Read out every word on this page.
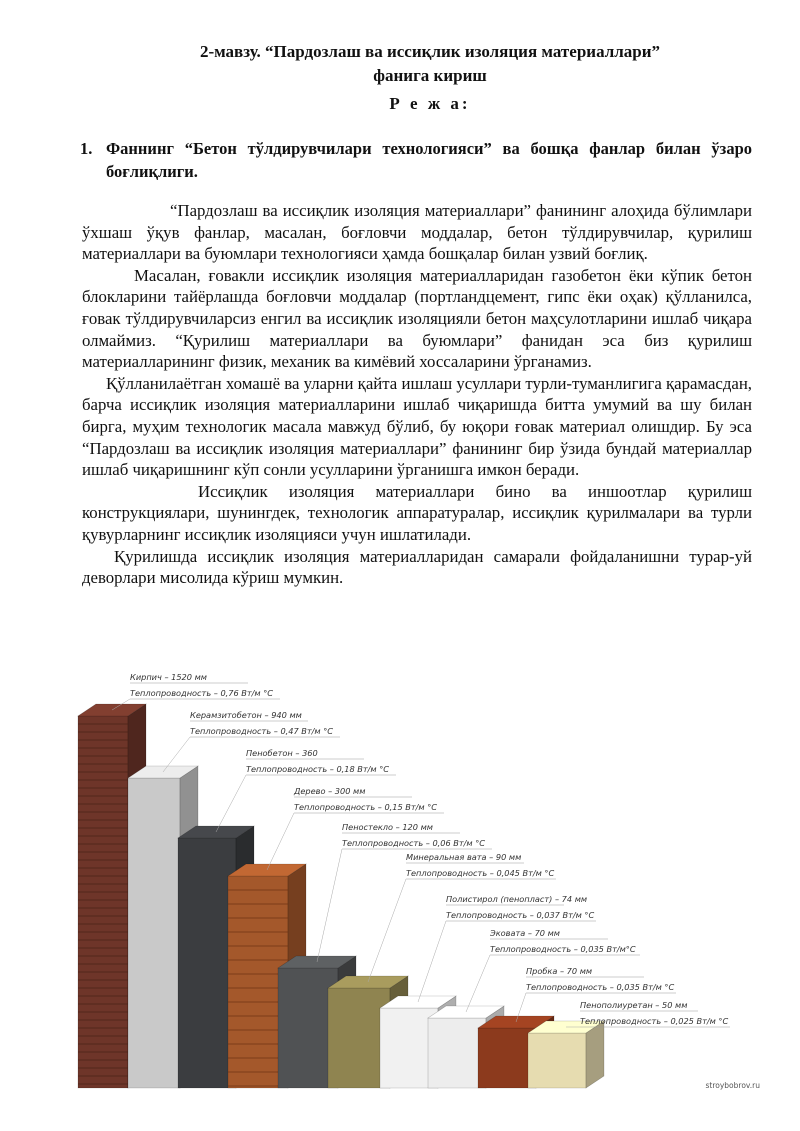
2-мавзу. “Пардозлаш ва иссиқлик изоляция материаллари”
фанига кириш
Р е ж а:
1. Фаннинг “Бетон тўлдирувчилари технологияси” ва бошқа фанлар билан ўзаро боғлиқлиги.

“Пардозлаш ва иссиқлик изоляция материаллари” фанининг алоҳида бўлимлари ўхшаш ўқув фанлар, масалан, боғловчи моддалар, бетон тўлдирувчилар, қурилиш материаллари ва буюмлари технологияси ҳамда бошқалар билан узвий боғлиқ.

Масалан, ғовакли иссиқлик изоляция материалларидан газобетон ёки кўпик бетон блокларини тайёрлашда боғловчи моддалар (портландцемент, гипс ёки оҳак) қўлланилса, ғовак тўлдирувчиларсиз енгил ва иссиқлик изоляцияли бетон маҳсулотларини ишлаб чиқара олмаймиз. “Қурилиш материаллари ва буюмлари” фанидан эса биз қурилиш материалларининг физик, механик ва кимёвий хоссаларини ўрганамиз.

Қўлланилаётган хомашё ва уларни қайта ишлаш усуллари турли-туманлигига қарамасдан, барча иссиқлик изоляция материалларини ишлаб чиқаришда битта умумий ва шу билан бирга, муҳим технологик масала мавжуд бўлиб, бу юқори ғовак материал олишдир. Бу эса “Пардозлаш ва иссиқлик изоляция материаллари” фанининг бир ўзида бундай материаллар ишлаб чиқаришнинг кўп сонли усулларини ўрганишга имкон беради.

Иссиқлик изоляция материаллари бино ва иншоотлар қурилиш конструкциялари, шунингдек, технологик аппаратуралар, иссиқлик қурилмалари ва турли қувурларнинг иссиқлик изоляцияси учун ишлатилади.

Қурилишда иссиқлик изоляция материалларидан самарали фойдаланишни турар-уй деворлари мисолида кўриш мумкин.

Кирпич – 1520 мм
Теплопроводность – 0,76 Вт/м °С
Керамзитобетон – 940 мм
Теплопроводность – 0,47 Вт/м °С
Пенобетон – 360
Теплопроводность – 0,18 Вт/м °С
Дерево – 300 мм
Теплопроводность – 0,15 Вт/м °С
Пеностекло – 120 мм
Теплопроводность – 0,06 Вт/м °С
Минеральная вата – 90 мм
Теплопроводность – 0,045 Вт/м °С
Полистирол (пенопласт) – 74 мм
Теплопроводность – 0,037 Вт/м °С
Эковата – 70 мм
Теплопроводность – 0,035 Вт/м°С
Пробка – 70 мм
Теплопроводность – 0,035 Вт/м °С
Пенополиуретан – 50 мм
Теплопроводность – 0,025 Вт/м °С
stroybobrov.ru
